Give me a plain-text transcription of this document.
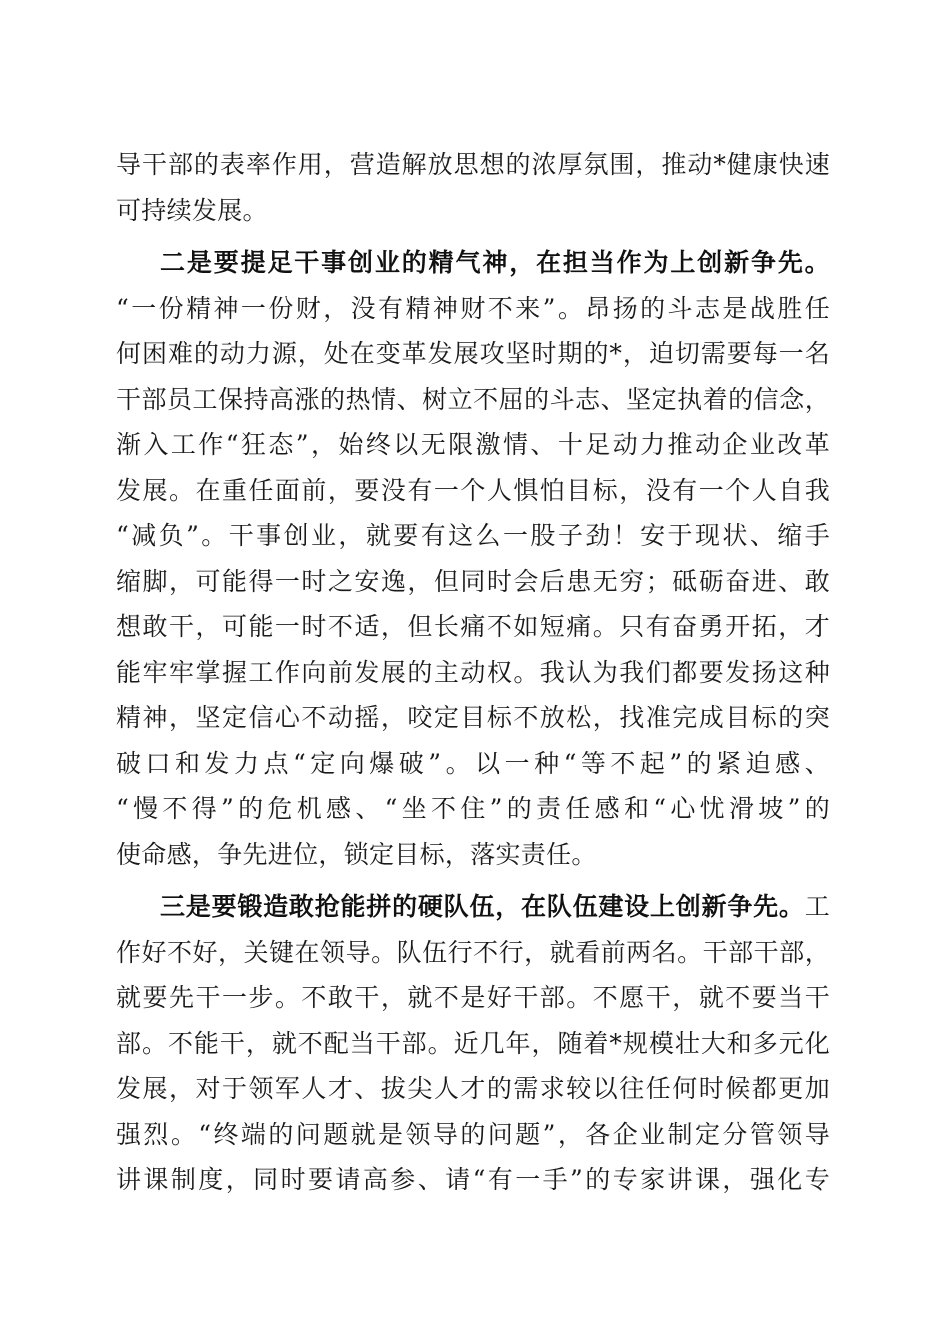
导干部的表率作用，营造解放思想的浓厚氛围，推动*健康快速
可持续发展。
二是要提足干事创业的精气神，在担当作为上创新争先。
“一份精神一份财，没有精神财不来”。昂扬的斗志是战胜任
何困难的动力源，处在变革发展攻坚时期的*，迫切需要每一名
干部员工保持高涨的热情、树立不屈的斗志、坚定执着的信念，
渐入工作“狂态”，始终以无限激情、十足动力推动企业改革
发展。在重任面前，要没有一个人惧怕目标，没有一个人自我
“减负”。干事创业，就要有这么一股子劲！安于现状、缩手
缩脚，可能得一时之安逸，但同时会后患无穷；砥砺奋进、敢
想敢干，可能一时不适，但长痛不如短痛。只有奋勇开拓，才
能牢牢掌握工作向前发展的主动权。我认为我们都要发扬这种
精神，坚定信心不动摇，咬定目标不放松，找准完成目标的突
破口和发力点“定向爆破”。以一种“等不起”的紧迫感、
“慢不得”的危机感、“坐不住”的责任感和“心忧滑坡”的
使命感，争先进位，锁定目标，落实责任。
三是要锻造敢抢能拼的硬队伍，在队伍建设上创新争先。工
作好不好，关键在领导。队伍行不行，就看前两名。干部干部，
就要先干一步。不敢干，就不是好干部。不愿干，就不要当干
部。不能干，就不配当干部。近几年，随着*规模壮大和多元化
发展，对于领军人才、拔尖人才的需求较以往任何时候都更加
强烈。“终端的问题就是领导的问题”，各企业制定分管领导
讲课制度，同时要请高参、请“有一手”的专家讲课，强化专
